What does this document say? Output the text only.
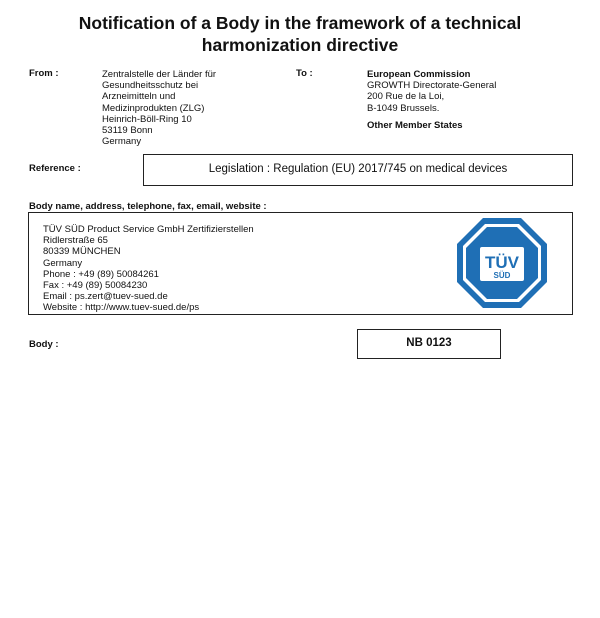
Notification of a Body in the framework of a technical
harmonization directive
From :	Zentralstelle der Länder für
Gesundheitsschutz bei
Arzneimitteln und
Medizinprodukten (ZLG)
Heinrich-Böll-Ring 10
53119 Bonn
Germany
To :	European Commission
GROWTH Directorate-General
200 Rue de la Loi,
B-1049 Brussels.
Other Member States
Reference :	Legislation : Regulation (EU) 2017/745 on medical devices
Body name, address, telephone, fax, email, website :
TÜV SÜD Product Service GmbH Zertifizierstellen
Ridlerstraße 65
80339 MÜNCHEN
Germany
Phone : +49 (89) 50084261
Fax : +49 (89) 50084230
Email : ps.zert@tuev-sued.de
Website : http://www.tuev-sued.de/ps
TÜV
SÜD
Body :	NB 0123
